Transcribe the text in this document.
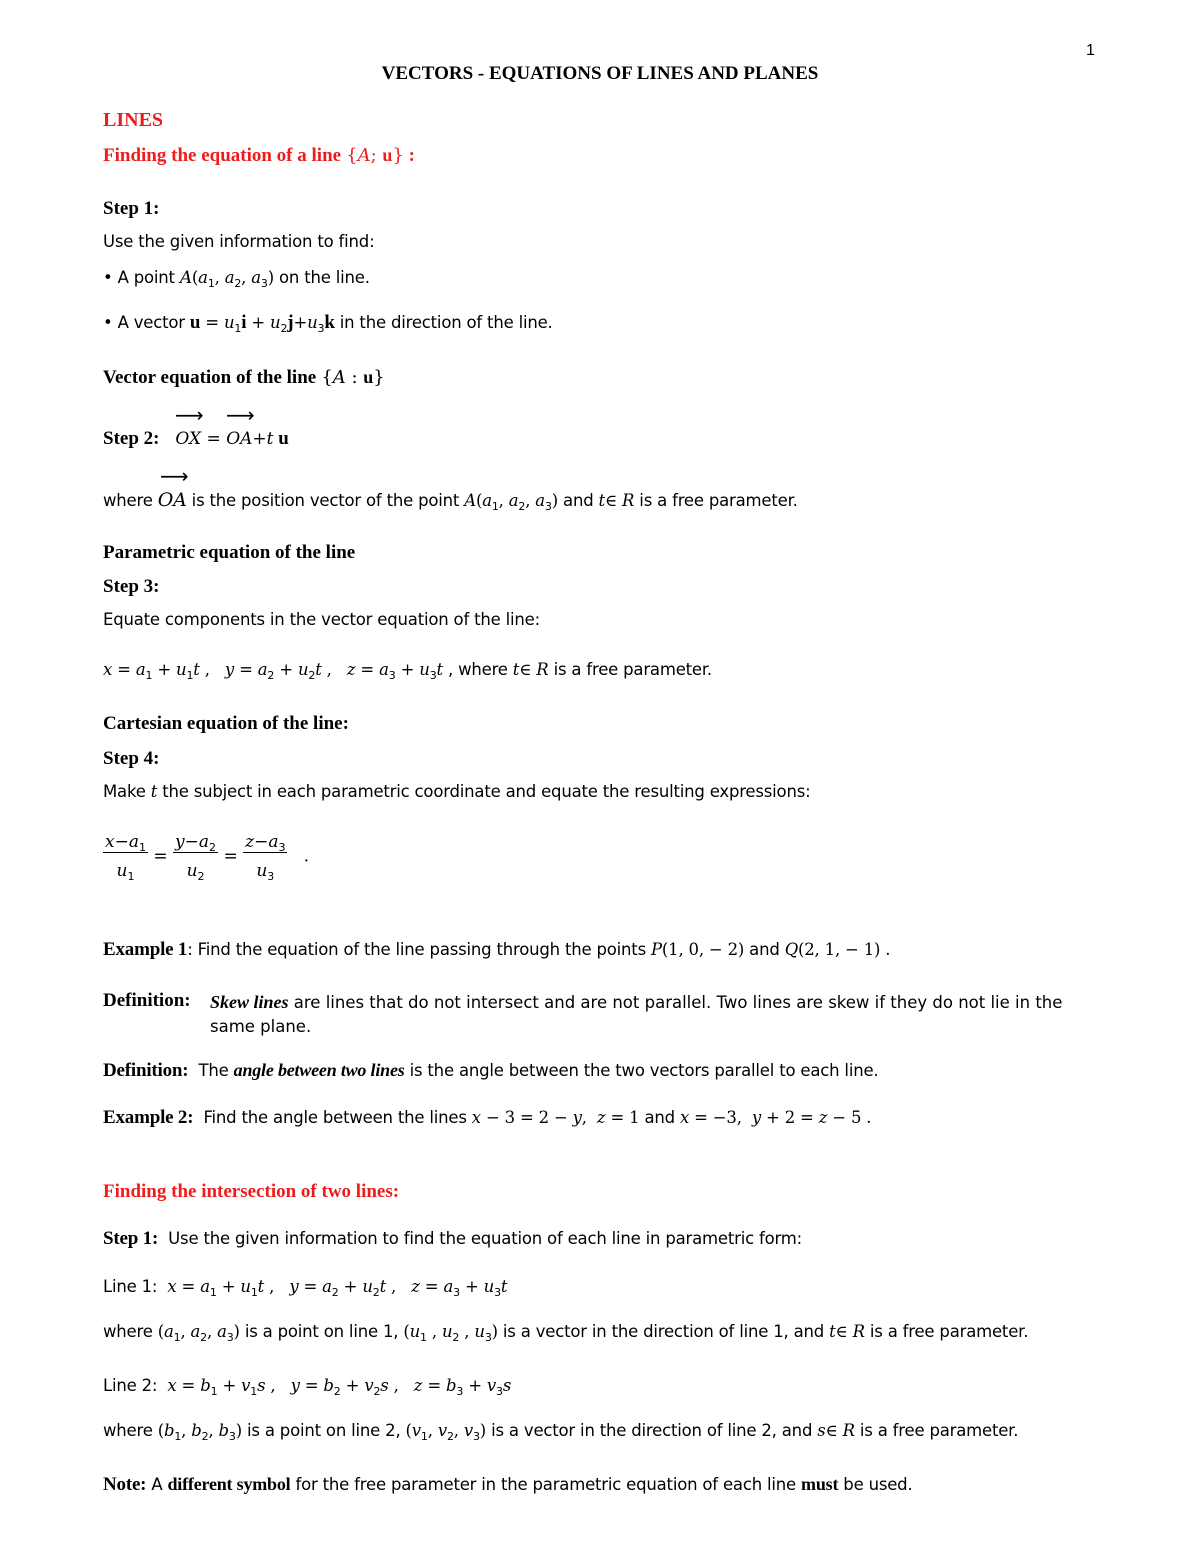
1
VECTORS - EQUATIONS OF LINES AND PLANES
LINES
Finding the equation of a line {A; u} :
Step 1:
Use the given information to find:
• A point $A(a_1$, $a_2$, $a_3$) on the line.
• A vector $u = u_1i + u_2j+u_3k$ in the direction of the line.
Vector equation of the line {A : u}
⟶ ⟶
Step 2:   OX = OA+t u
⟶
where OA is the position vector of the point $A(a_1$, $a_2$, $a_3$) and t∈ R is a free parameter.
Parametric equation of the line
Step 3:
Equate components in the vector equation of the line:
$x = a_1 + u_1t$ ,   $y = a_2 + u_2t$ ,   $z = a_3 + u_3t$ , where t∈ R is a free parameter.
Cartesian equation of the line:
Step 4:
Make t the subject in each parametric coordinate and equate the resulting expressions:
$\frac{x-a_1}{u_1} = \frac{y-a_2}{u_2} = \frac{z-a_3}{u_3}$ .
Example 1: Find the equation of the line passing through the points P(1, 0, − 2) and Q(2, 1, − 1) .
Definition: Skew lines are lines that do not intersect and are not parallel. Two lines are skew if they do not lie in the same plane.
Definition: The angle between two lines is the angle between the two vectors parallel to each line.
Example 2: Find the angle between the lines x − 3 = 2 − y,  z = 1 and x = −3,  y + 2 = z − 5 .
Finding the intersection of two lines:
Step 1: Use the given information to find the equation of each line in parametric form:
Line 1: $x = a_1 + u_1t$ ,   $y = a_2 + u_2t$ ,   $z = a_3 + u_3t$
where ($a_1$, $a_2$, $a_3$) is a point on line 1, ($u_1$ , $u_2$ , $u_3$) is a vector in the direction of line 1, and t∈ R is a free parameter.
Line 2: $x = b_1 + v_1s$ ,   $y = b_2 + v_2s$ ,   $z = b_3 + v_3s$
where ($b_1$, $b_2$, $b_3$) is a point on line 2, ($v_1$, $v_2$, $v_3$) is a vector in the direction of line 2, and s∈ R is a free parameter.
Note: A different symbol for the free parameter in the parametric equation of each line must be used.
